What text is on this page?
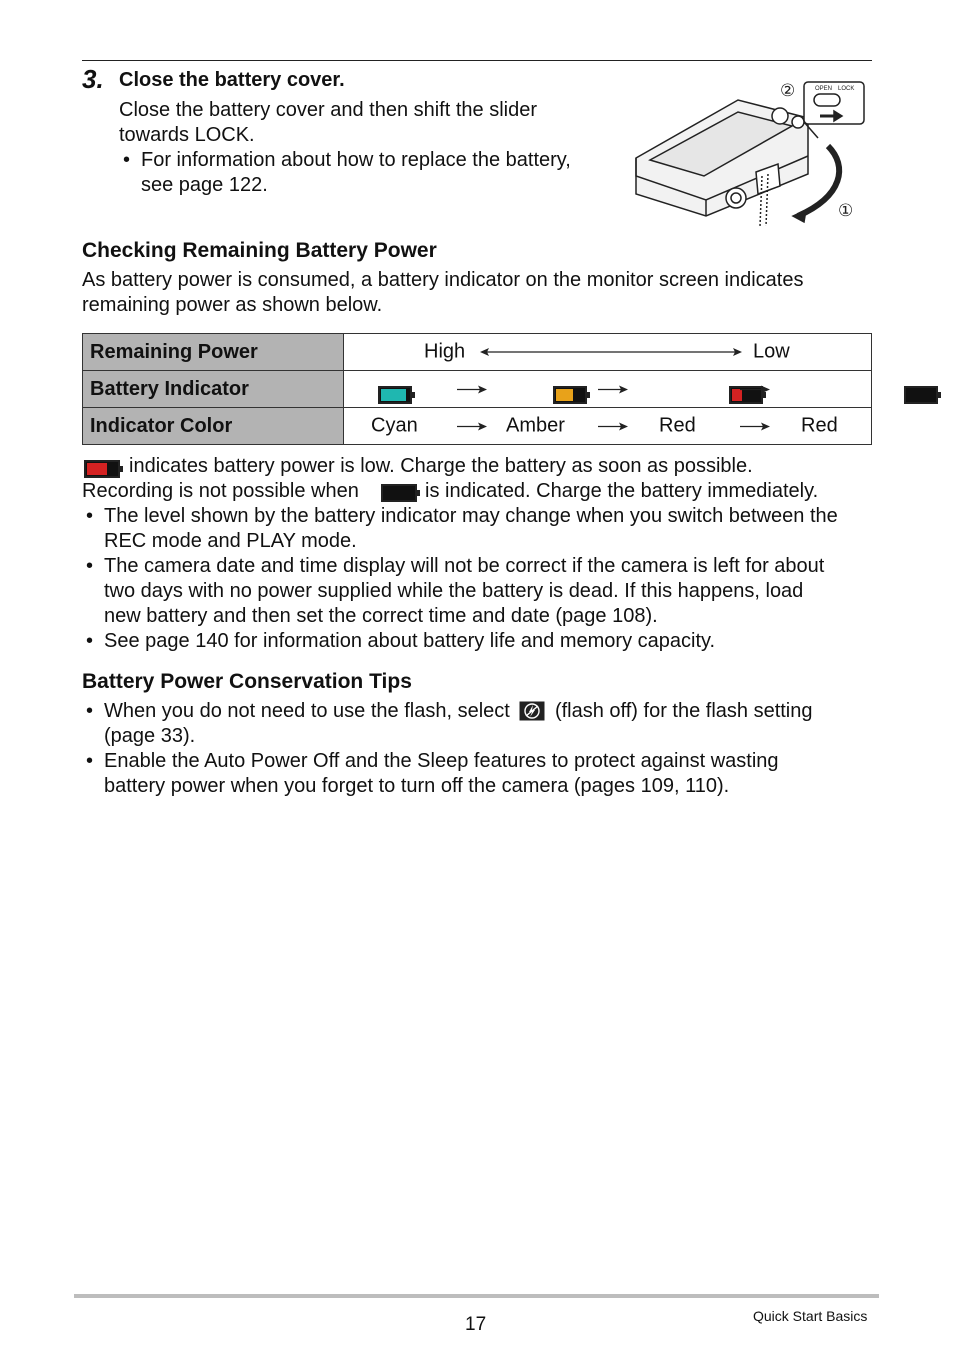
3. Close the battery cover.
Close the battery cover and then shift the slider
towards LOCK.
• For information about how to replace the battery,
see page 122.
OPEN LOCK
②
①
Checking Remaining Battery Power
As battery power is consumed, a battery indicator on the monitor screen indicates
remaining power as shown below.
Remaining Power	High Low

Battery Indicator	

Indicator Color	Cyan Amber Red Red
indicates battery power is low. Charge the battery as soon as possible.
Recording is not possible when	is indicated. Charge the battery immediately.
• The level shown by the battery indicator may change when you switch between the
REC mode and PLAY mode.
• The camera date and time display will not be correct if the camera is left for about
two days with no power supplied while the battery is dead. If this happens, load
new battery and then set the correct time and date (page 108).
• See page 140 for information about battery life and memory capacity.
Battery Power Conservation Tips
• When you do not need to use the flash, select (flash off) for the flash setting
(page 33).
• Enable the Auto Power Off and the Sleep features to protect against wasting
battery power when you forget to turn off the camera (pages 109, 110).
17	Quick Start Basics
